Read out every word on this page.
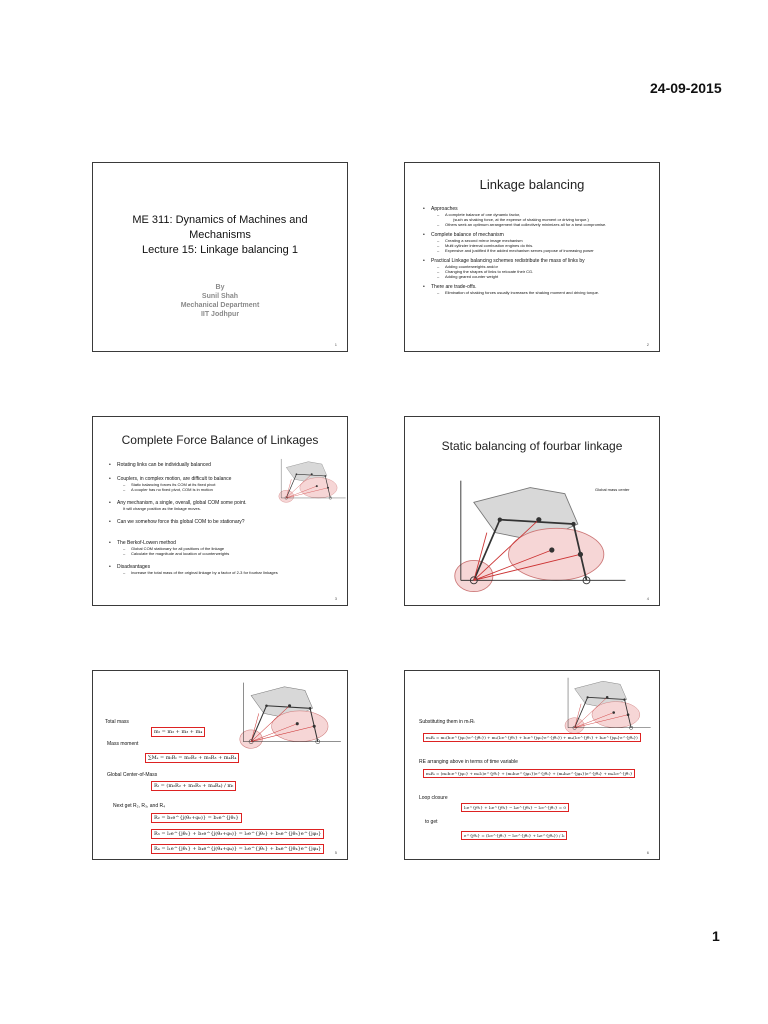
24-09-2015
ME 311: Dynamics of Machines and
Mechanisms
Lecture 15: Linkage balancing 1
By
Sunil Shah
Mechanical Department
IIT Jodhpur
1
Linkage balancing
• Approaches
– A complete balance of one dynamic factor,
(such as shaking force, at the expense of shaking moment or driving torque.)
– Others seek an optimum arrangement that collectively minimizes all for a best compromise.
• Complete balance of mechanism
– Creating a second mirror image mechanism
– Multi cylinder internal combustion engines do this.
– Expensive and justified if the added mechanism serves purpose of increasing power
• Practical Linkage balancing schemes redistribute the mass of links by
– Adding counterweights and/or
– Changing the shapes of links to relocate their CG.
– Adding geared counter weight
• There are trade-offs.
– Elimination of shaking forces usually increases the shaking moment and driving torque.
2
Complete Force Balance of Linkages
• Rotating links can be individually balanced
• Couplers, in complex motion, are difficult to balance
– Static balancing forces its COM at its fixed pivot
– A coupler has no fixed pivot, COM is in motion
• Any mechanism, a single, overall, global COM some point.
It will change position as the linkage moves.
• Can we somehow force this global COM to be stationary?
• The Berkof-Lowen method
– Global COM stationary for all positions of the linkage
– Calculate the magnitude and location of counterweights
• Disadvantages
– Increase the total mass of the original linkage by a factor of 2-3 for fourbar linkages
3
Static balancing of fourbar linkage
Global mass center
4
Total mass
mₜ = m₂ + m₃ + m₄
Mass moment
∑Mₛ = mₜRₜ = m₂R₂ + m₃R₃ + m₄R₄
Global Center-of-Mass
Rₜ = (m₂R₂ + m₃R₃ + m₄R₄) / mₜ
Next get R₂, R₃, and R₄
R₂ = b₂e^{j(θ₂+φ₂)} = b₂e^{jθ₂}
R₃ = l₂e^{jθ₂} + b₃e^{j(θ₃+φ₃)} = l₂e^{jθ₂} + b₃e^{jθ₃}e^{jφ₃}
R₄ = l₁e^{jθ₁} + b₄e^{j(θ₄+φ₄)} = l₁e^{jθ₁} + b₄e^{jθ₄}e^{jφ₄}
5
Substituting them in mₜRₜ
mₜRₜ = m₂(b₂e^{jφ₂}e^{jθ₂}) + m₃(l₂e^{jθ₂} + b₃e^{jφ₃}e^{jθ₃}) + m₄(l₁e^{jθ₁} + b₄e^{jφ₄}e^{jθ₄})
RE arranging above in terms of time variable
mₜRₜ = (m₂b₂e^{jφ₂} + m₃l₂)e^{jθ₂} + (m₃b₃e^{jφ₃})e^{jθ₃} + (m₄b₄e^{jφ₄})e^{jθ₄} + m₄l₁e^{jθ₁}
Loop closure
l₂e^{jθ₂} + l₃e^{jθ₃} − l₄e^{jθ₄} − l₁e^{jθ₁} = 0
to get
e^{jθ₃} = (l₁e^{jθ₁} − l₂e^{jθ₂} + l₄e^{jθ₄}) / l₃
6
1
